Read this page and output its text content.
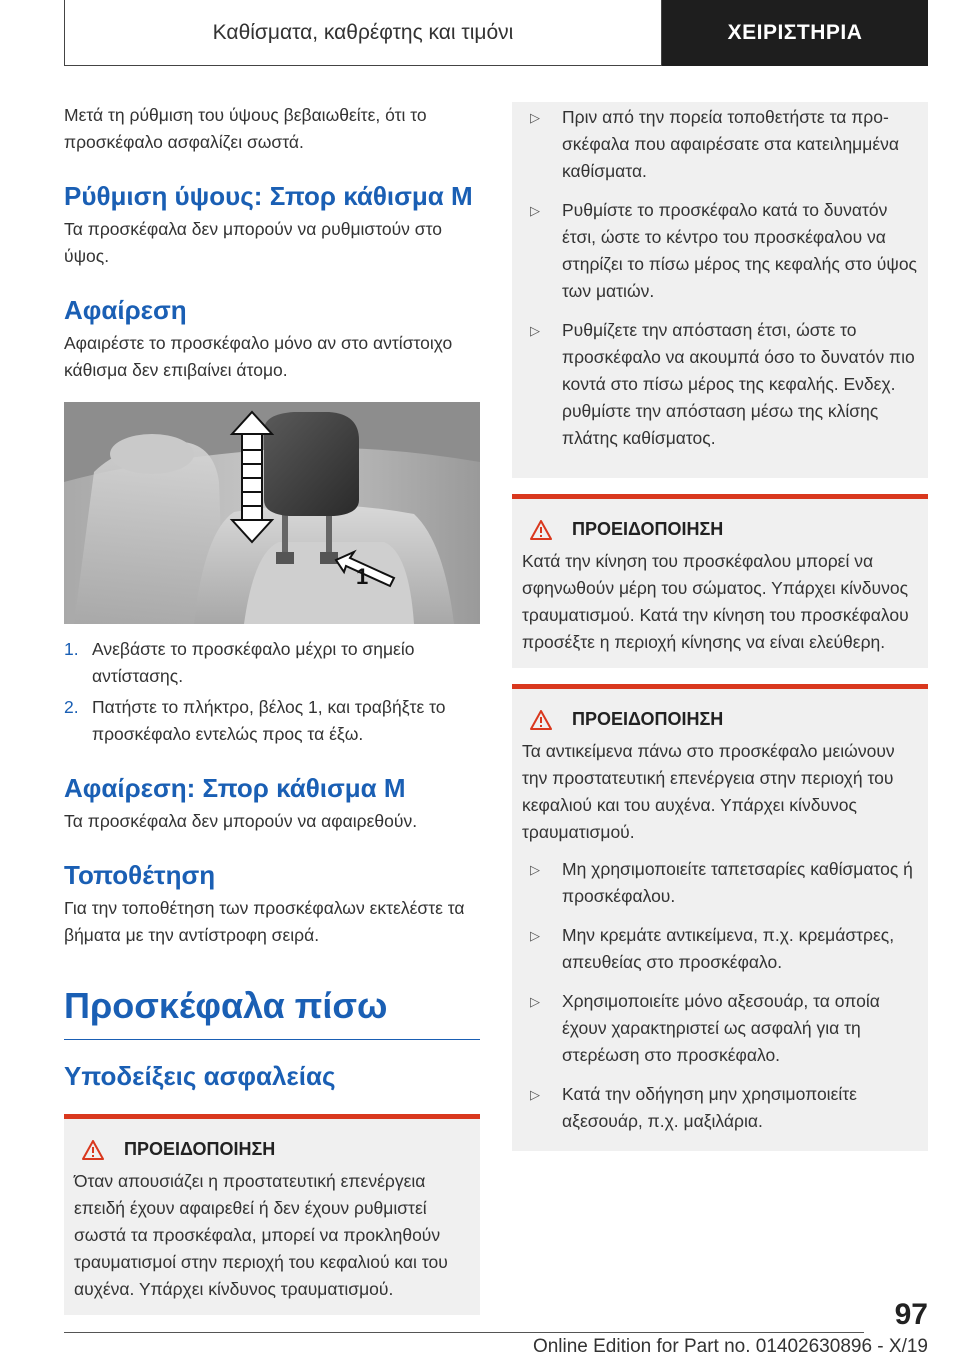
Καθίσματα, καθρέφτης και τιμόνι	ΧΕΙΡΙΣΤΗΡΙΑ

Μετά τη ρύθμιση του ύψους βεβαιωθείτε, ότι το προσκέφαλο ασφαλίζει σωστά.

Ρύθμιση ύψους: Σπορ κάθισμα M

Τα προσκέφαλα δεν μπορούν να ρυθμιστούν στο ύψος.

Αφαίρεση

Αφαιρέστε το προσκέφαλο μόνο αν στο αντίστοιχο κάθισμα δεν επιβαίνει άτομο.

1
1. Ανεβάστε το προσκέφαλο μέχρι το σημείο αντίστασης.
2. Πατήστε το πλήκτρο, βέλος 1, και τραβήξτε το προσκέφαλο εντελώς προς τα έξω.
Αφαίρεση: Σπορ κάθισμα M

Τα προσκέφαλα δεν μπορούν να αφαιρεθούν.

Τοποθέτηση

Για την τοποθέτηση των προσκέφαλων εκτελέστε τα βήματα με την αντίστροφη σειρά.

Προσκέφαλα πίσω
Υποδείξεις ασφαλείας
ΠΡΟΕΙΔΟΠΟΙΗΣΗ

Όταν απουσιάζει η προστατευτική επενέργεια επειδή έχουν αφαιρεθεί ή δεν έχουν ρυθμιστεί σωστά τα προσκέφαλα, μπορεί να προκληθούν τραυματισμοί στην περιοχή του κεφαλιού και του αυχένα. Υπάρχει κίνδυνος τραυματισμού.

▷	Πριν από την πορεία τοποθετήστε τα προσκέφαλα που αφαιρέσατε στα κατειλημμένα καθίσματα.
▷	Ρυθμίστε το προσκέφαλο κατά το δυνατόν έτσι, ώστε το κέντρο του προσκέφαλου να στηρίζει το πίσω μέρος της κεφαλής στο ύψος των ματιών.
▷	Ρυθμίζετε την απόσταση έτσι, ώστε το προσκέφαλο να ακουμπά όσο το δυνατόν πιο κοντά στο πίσω μέρος της κεφαλής. Ενδεχ. ρυθμίστε την απόσταση μέσω της κλίσης πλάτης καθίσματος.
ΠΡΟΕΙΔΟΠΟΙΗΣΗ

Κατά την κίνηση του προσκέφαλου μπορεί να σφηνωθούν μέρη του σώματος. Υπάρχει κίνδυνος τραυματισμού. Κατά την κίνηση του προσκέφαλου προσέξτε η περιοχή κίνησης να είναι ελεύθερη.

ΠΡΟΕΙΔΟΠΟΙΗΣΗ

Τα αντικείμενα πάνω στο προσκέφαλο μειώνουν την προστατευτική επενέργεια στην περιοχή του κεφαλιού και του αυχένα. Υπάρχει κίνδυνος τραυματισμού.

▷	Μη χρησιμοποιείτε ταπετσαρίες καθίσματος ή προσκέφαλου.
▷	Μην κρεμάτε αντικείμενα, π.χ. κρεμάστρες, απευθείας στο προσκέφαλο.
▷	Χρησιμοποιείτε μόνο αξεσουάρ, τα οποία έχουν χαρακτηριστεί ως ασφαλή για τη στερέωση στο προσκέφαλο.
▷	Κατά την οδήγηση μην χρησιμοποιείτε αξεσουάρ, π.χ. μαξιλάρια.
97
Online Edition for Part no. 01402630896 - X/19
